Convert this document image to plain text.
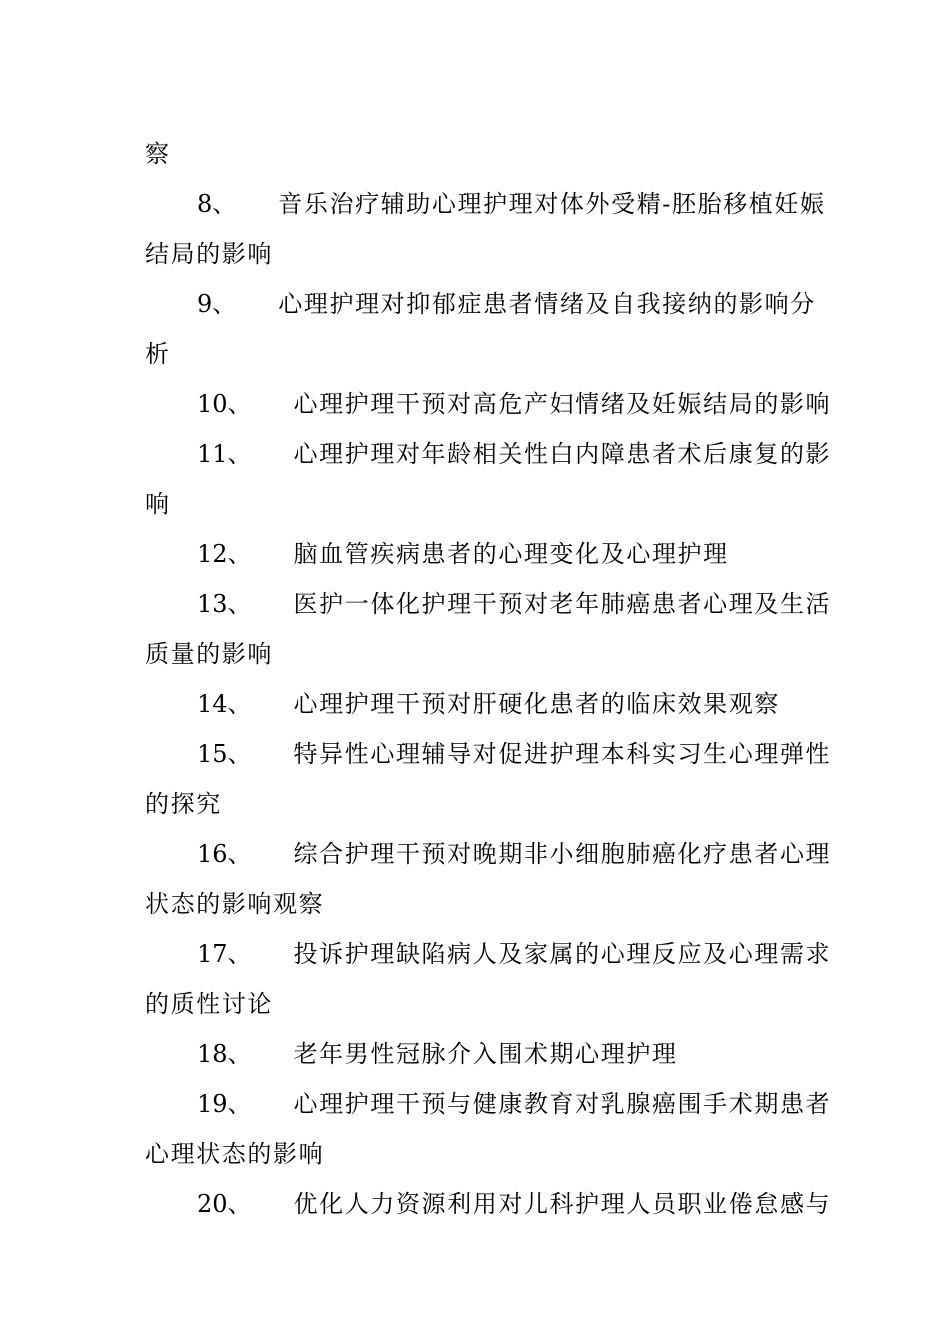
察
8、 音乐治疗辅助心理护理对体外受精-胚胎移植妊娠
结局的影响
9、 心理护理对抑郁症患者情绪及自我接纳的影响分
析
10、 心理护理干预对高危产妇情绪及妊娠结局的影响
11、 心理护理对年龄相关性白内障患者术后康复的影
响
12、 脑血管疾病患者的心理变化及心理护理
13、 医护一体化护理干预对老年肺癌患者心理及生活
质量的影响
14、 心理护理干预对肝硬化患者的临床效果观察
15、 特异性心理辅导对促进护理本科实习生心理弹性
的探究
16、 综合护理干预对晚期非小细胞肺癌化疗患者心理
状态的影响观察
17、 投诉护理缺陷病人及家属的心理反应及心理需求
的质性讨论
18、 老年男性冠脉介入围术期心理护理
19、 心理护理干预与健康教育对乳腺癌围手术期患者
心理状态的影响
20、 优化人力资源利用对儿科护理人员职业倦怠感与
